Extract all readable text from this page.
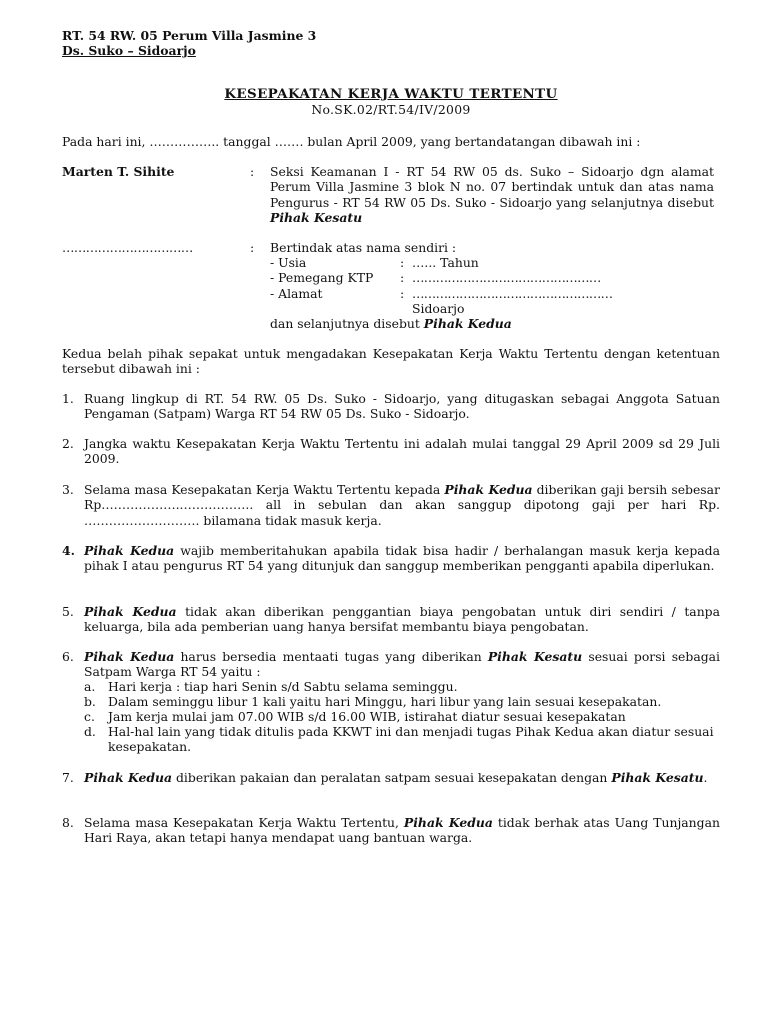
RT. 54 RW. 05 Perum Villa Jasmine 3
Ds. Suko – Sidoarjo
KESEPAKATAN KERJA WAKTU TERTENTU
No.SK.02/RT.54/IV/2009
Pada hari ini, …………….. tanggal ……. bulan April 2009, yang bertandatangan dibawah ini :
Marten T. Sihite	: Seksi Keamanan I - RT 54 RW 05 ds. Suko – Sidoarjo dgn alamat Perum Villa Jasmine 3 blok N no. 07 bertindak untuk dan atas nama Pengurus - RT 54 RW 05 Ds. Suko - Sidoarjo yang selanjutnya disebut Pihak Kesatu
……………………………	: Bertindak atas nama sendiri :
- Usia	: …... Tahun
- Pemegang KTP : …………………………………………
- Alamat	: ……………………………………………
Sidoarjo
dan selanjutnya disebut Pihak Kedua
Kedua belah pihak sepakat untuk mengadakan Kesepakatan Kerja Waktu Tertentu dengan ketentuan tersebut dibawah ini :
1. Ruang lingkup di RT. 54 RW. 05 Ds. Suko - Sidoarjo, yang ditugaskan sebagai Anggota Satuan Pengaman (Satpam) Warga RT 54 RW 05 Ds. Suko - Sidoarjo.
2. Jangka waktu Kesepakatan Kerja Waktu Tertentu ini adalah mulai tanggal 29 April 2009 sd 29 Juli 2009.
3. Selama masa Kesepakatan Kerja Waktu Tertentu kepada Pihak Kedua diberikan gaji bersih sebesar Rp………………..…………….. all in sebulan dan akan sanggup dipotong gaji per hari Rp. ………………………. bilamana tidak masuk kerja.
4. Pihak Kedua wajib memberitahukan apabila tidak bisa hadir / berhalangan masuk kerja kepada pihak I atau pengurus RT 54 yang ditunjuk dan sanggup memberikan pengganti apabila diperlukan.
5. Pihak Kedua tidak akan diberikan penggantian biaya pengobatan untuk diri sendiri / tanpa keluarga, bila ada pemberian uang hanya bersifat membantu biaya pengobatan.
6. Pihak Kedua harus bersedia mentaati tugas yang diberikan Pihak Kesatu sesuai porsi sebagai Satpam Warga RT 54 yaitu :
a. Hari kerja : tiap hari Senin s/d Sabtu selama seminggu.
b. Dalam seminggu libur 1 kali yaitu hari Minggu, hari libur yang lain sesuai kesepakatan.
c. Jam kerja mulai jam 07.00 WIB s/d 16.00 WIB, istirahat diatur sesuai kesepakatan
d. Hal-hal lain yang tidak ditulis pada KKWT ini dan menjadi tugas Pihak Kedua akan diatur sesuai kesepakatan.
7. Pihak Kedua diberikan pakaian dan peralatan satpam sesuai kesepakatan dengan Pihak Kesatu.
8. Selama masa Kesepakatan Kerja Waktu Tertentu, Pihak Kedua tidak berhak atas Uang Tunjangan Hari Raya, akan tetapi hanya mendapat uang bantuan warga.
